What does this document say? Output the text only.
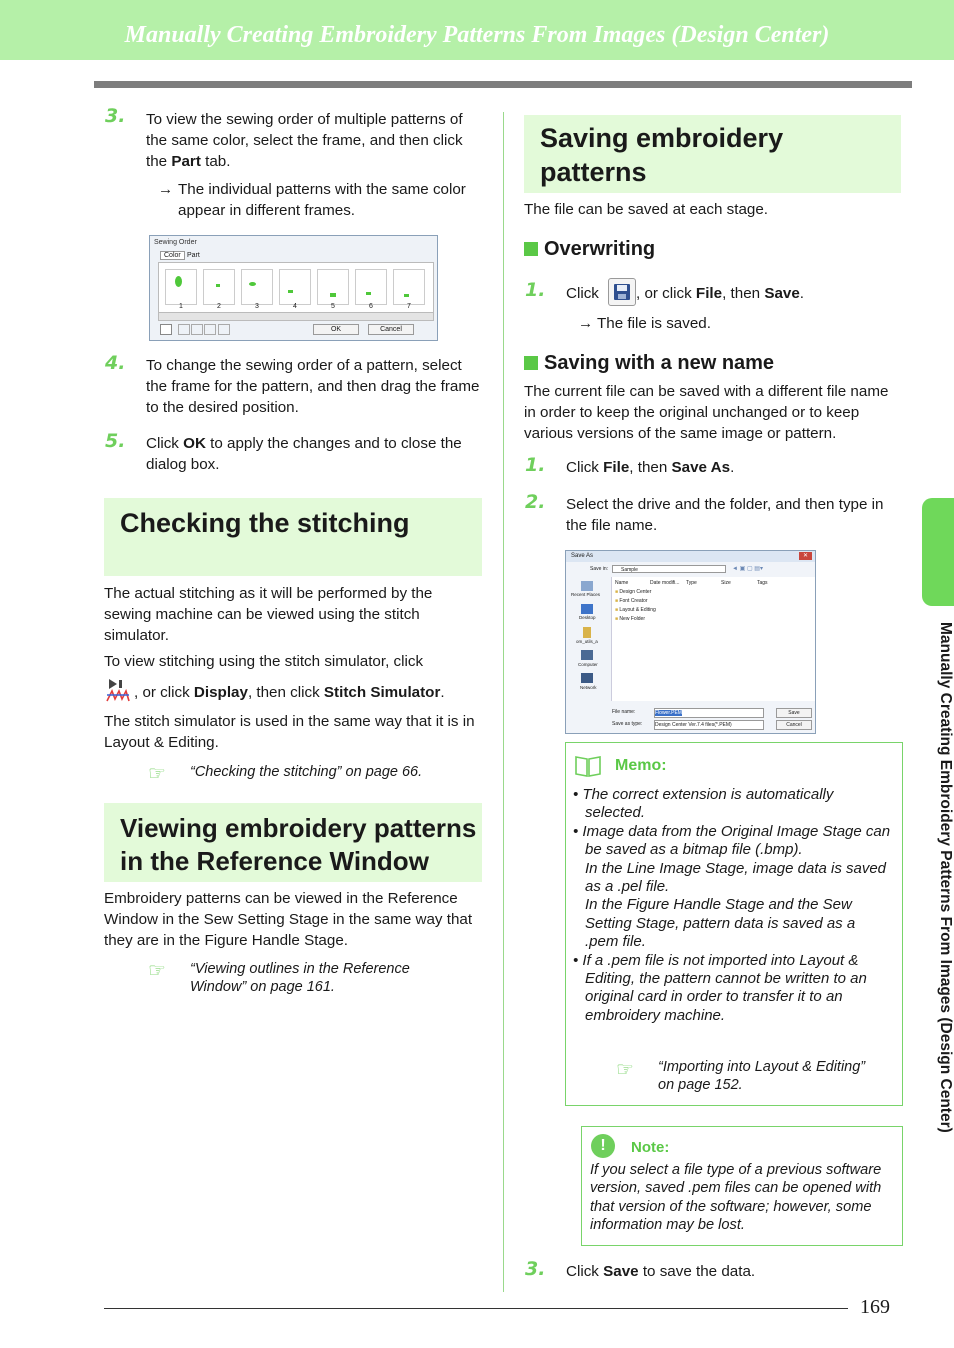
Manually Creating Embroidery Patterns From Images (Design Center)
3. To view the sewing order of multiple patterns of the same color, select the frame, and then click the Part tab.
→ The individual patterns with the same color appear in different frames.
Sewing Order
Color Part
1	2	3	4	5	6	7
OK	Cancel
4. To change the sewing order of a pattern, select the frame for the pattern, and then drag the frame to the desired position.
5. Click OK to apply the changes and to close the dialog box.
Checking the stitching
The actual stitching as it will be performed by the sewing machine can be viewed using the stitch simulator.
To view stitching using the stitch simulator, click
, or click Display, then click Stitch Simulator.
The stitch simulator is used in the same way that it is in Layout & Editing.
☞ “Checking the stitching” on page 66.
Viewing embroidery patterns
in the Reference Window
Embroidery patterns can be viewed in the Reference Window in the Sew Setting Stage in the same way that they are in the Figure Handle Stage.
☞ “Viewing outlines in the Reference
Window” on page 161.
Saving embroidery
patterns
The file can be saved at each stage.
Overwriting
1. Click , or click File, then Save.
→ The file is saved.
Saving with a new name
The current file can be saved with a different file name in order to keep the original unchanged or to keep various versions of the same image or pattern.
1. Click File, then Save As.
2. Select the drive and the folder, and then type in the file name.
Save As	✕
Save in:	Sample	◄ ▣ ▢ ▤▾
Recent Places
Desktop
om_utils_a
Computer
Network
Name	Date modifi... Type	Size	Tags
■ Design Center
■ Font Creator
■ Layout & Editing
■ New Folder
File name:	Flower.PEM
Save as type:	Design Center Ver.7.4 files(*.PEM)
Save
Cancel
Memo:
• The correct extension is automatically selected.
• Image data from the Original Image Stage can be saved as a bitmap file (.bmp).
In the Line Image Stage, image data is saved as a .pel file.
In the Figure Handle Stage and the Sew Setting Stage, pattern data is saved as a .pem file.
• If a .pem file is not imported into Layout & Editing, the pattern cannot be written to an original card in order to transfer it to an embroidery machine.
☞ “Importing into Layout & Editing”
on page 152.
!	Note:
If you select a file type of a previous software version, saved .pem files can be opened with that version of the software; however, some information may be lost.
3. Click Save to save the data.
Manually Creating Embroidery Patterns From Images (Design Center)
169
